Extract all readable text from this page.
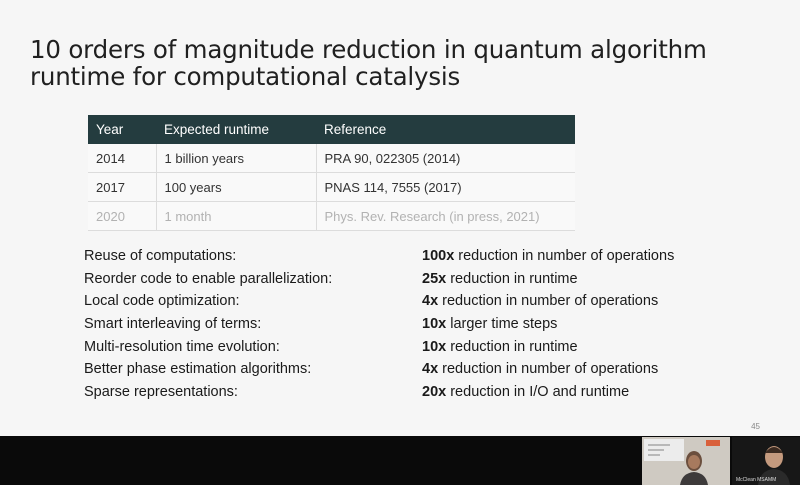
10 orders of magnitude reduction in quantum algorithm runtime for computational catalysis
Year	Expected runtime	Reference
2014	1 billion years	PRA 90, 022305 (2014)
2017	100 years	PNAS 114, 7555 (2017)
2020	1 month	Phys. Rev. Research (in press, 2021)
Reuse of computations:	100x reduction in number of operations
Reorder code to enable parallelization:	25x reduction in runtime
Local code optimization:	4x reduction in number of operations
Smart interleaving of terms:	10x larger time steps
Multi-resolution time evolution:	10x reduction in runtime
Better phase estimation algorithms:	4x reduction in number of operations
Sparse representations:	20x reduction in I/O and runtime
45
McClean MSAMM
